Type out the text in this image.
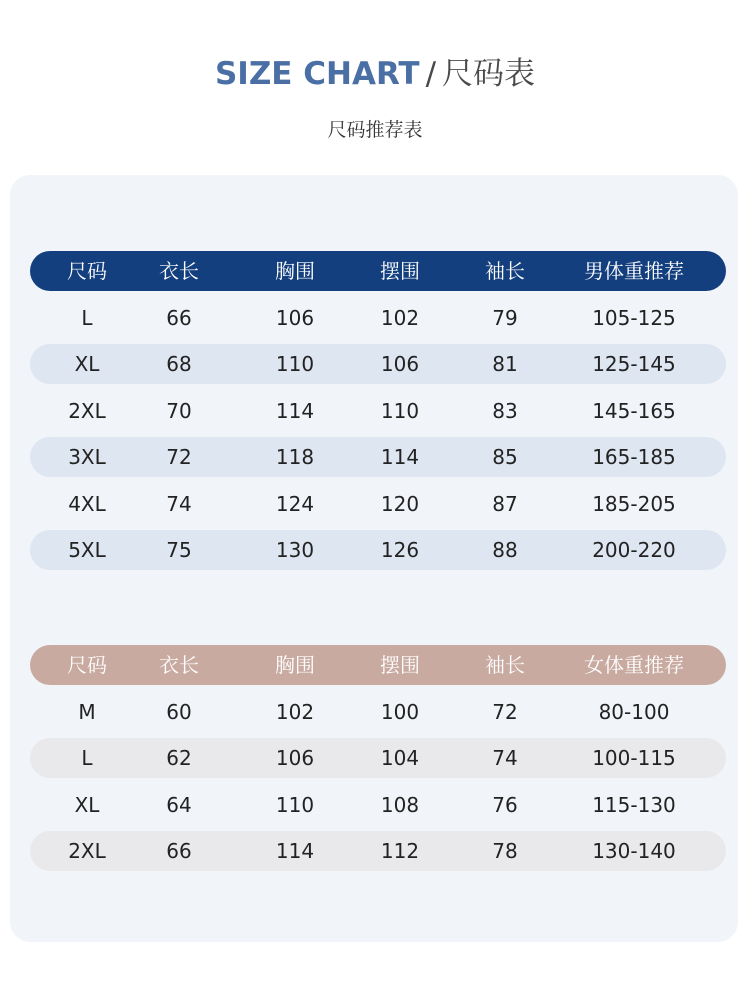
SIZE CHART / 尺码表
尺码推荐表
尺码	衣长	胸围	摆围	袖长	男体重推荐
L	66	106	102	79	105-125
XL	68	110	106	81	125-145
2XL	70	114	110	83	145-165
3XL	72	118	114	85	165-185
4XL	74	124	120	87	185-205
5XL	75	130	126	88	200-220
尺码	衣长	胸围	摆围	袖长	女体重推荐
M	60	102	100	72	80-100
L	62	106	104	74	100-115
XL	64	110	108	76	115-130
2XL	66	114	112	78	130-140
